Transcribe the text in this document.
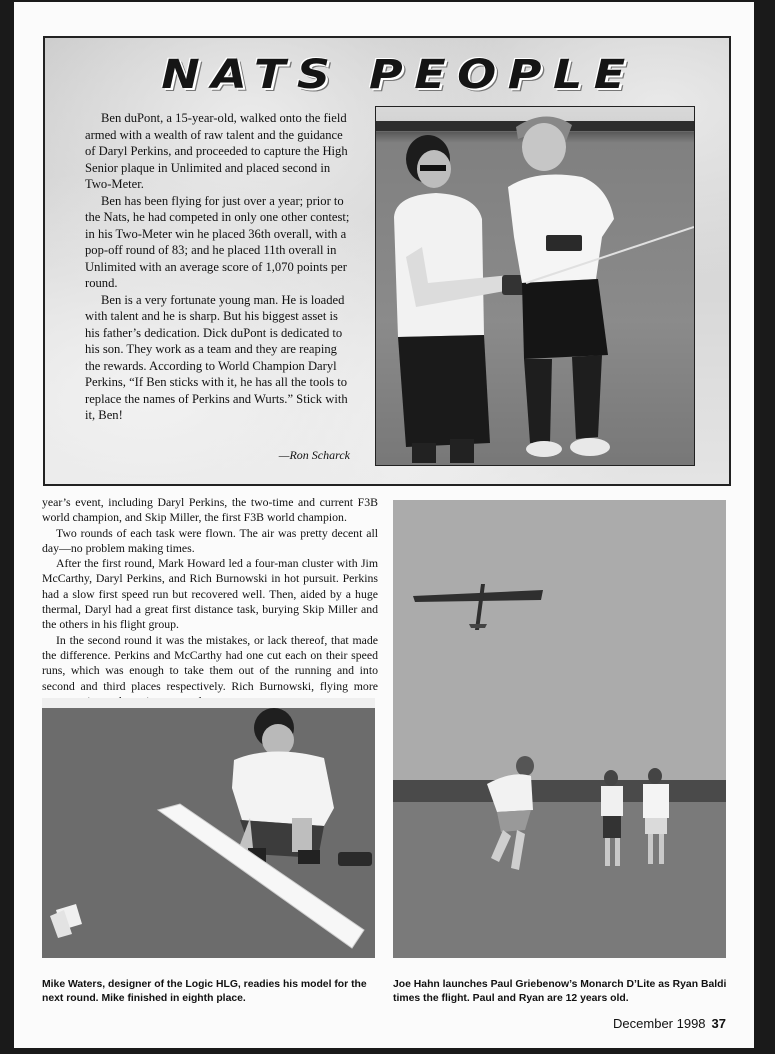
NATS PEOPLE

Ben duPont, a 15-year-old, walked onto the field armed with a wealth of raw talent and the guidance of Daryl Perkins, and proceeded to capture the High Senior plaque in Unlimited and placed second in Two-Meter.

Ben has been flying for just over a year; prior to the Nats, he had competed in only one other contest; in his Two-Meter win he placed 36th overall, with a pop-off round of 83; and he placed 11th overall in Unlimited with an average score of 1,070 points per round.

Ben is a very fortunate young man. He is loaded with talent and he is sharp. But his biggest asset is his father’s dedication. Dick duPont is dedicated to his son. They work as a team and they are reaping the rewards. According to World Champion Daryl Perkins, “If Ben sticks with it, he has all the tools to replace the names of Perkins and Wurts.” Stick with it, Ben!

—Ron Scharck

year’s event, including Daryl Perkins, the two-time and current F3B world champion, and Skip Miller, the first F3B world champion.

Two rounds of each task were flown. The air was pretty decent all day—no problem making times.

After the first round, Mark Howard led a four-man cluster with Jim McCarthy, Daryl Perkins, and Rich Burnowski in hot pursuit. Perkins had a slow first speed run but recovered well. Then, aided by a huge thermal, Daryl had a great first distance task, burying Skip Miller and the others in his flight group.

In the second round it was the mistakes, or lack thereof, that made the difference. Perkins and McCarthy had one cut each on their speed runs, which was enough to take them out of the running and into second and third places respectively. Rich Burnowski, flying more

Mike Waters, designer of the Logic HLG, readies his model for the next round. Mike finished in eighth place.
Joe Hahn launches Paul Griebenow’s Monarch D’Lite as Ryan Baldi times the flight. Paul and Ryan are 12 years old.
December 1998 37
